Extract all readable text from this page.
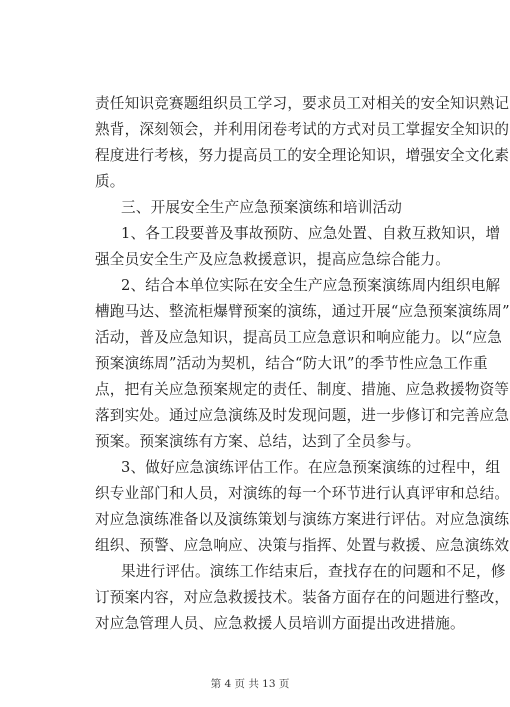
责任知识竞赛题组织员工学习，要求员工对相关的安全知识熟记
熟背，深刻领会，并利用闭卷考试的方式对员工掌握安全知识的
程度进行考核，努力提高员工的安全理论知识，增强安全文化素
质。
三、开展安全生产应急预案演练和培训活动
1、各工段要普及事故预防、应急处置、自救互救知识，增
强全员安全生产及应急救援意识，提高应急综合能力。
2、结合本单位实际在安全生产应急预案演练周内组织电解
槽跑马达、整流柜爆臂预案的演练，通过开展“应急预案演练周”
活动，普及应急知识，提高员工应急意识和响应能力。以“应急
预案演练周”活动为契机，结合“防大讯”的季节性应急工作重
点，把有关应急预案规定的责任、制度、措施、应急救援物资等
落到实处。通过应急演练及时发现问题，进一步修订和完善应急
预案。预案演练有方案、总结，达到了全员参与。
3、做好应急演练评估工作。在应急预案演练的过程中，组
织专业部门和人员，对演练的每一个环节进行认真评审和总结。
对应急演练准备以及演练策划与演练方案进行评估。对应急演练
组织、预警、应急响应、决策与指挥、处置与救援、应急演练效
果进行评估。演练工作结束后，查找存在的问题和不足，修
订预案内容，对应急救援技术。装备方面存在的问题进行整改，
对应急管理人员、应急救援人员培训方面提出改进措施。
第 4 页 共 13 页
